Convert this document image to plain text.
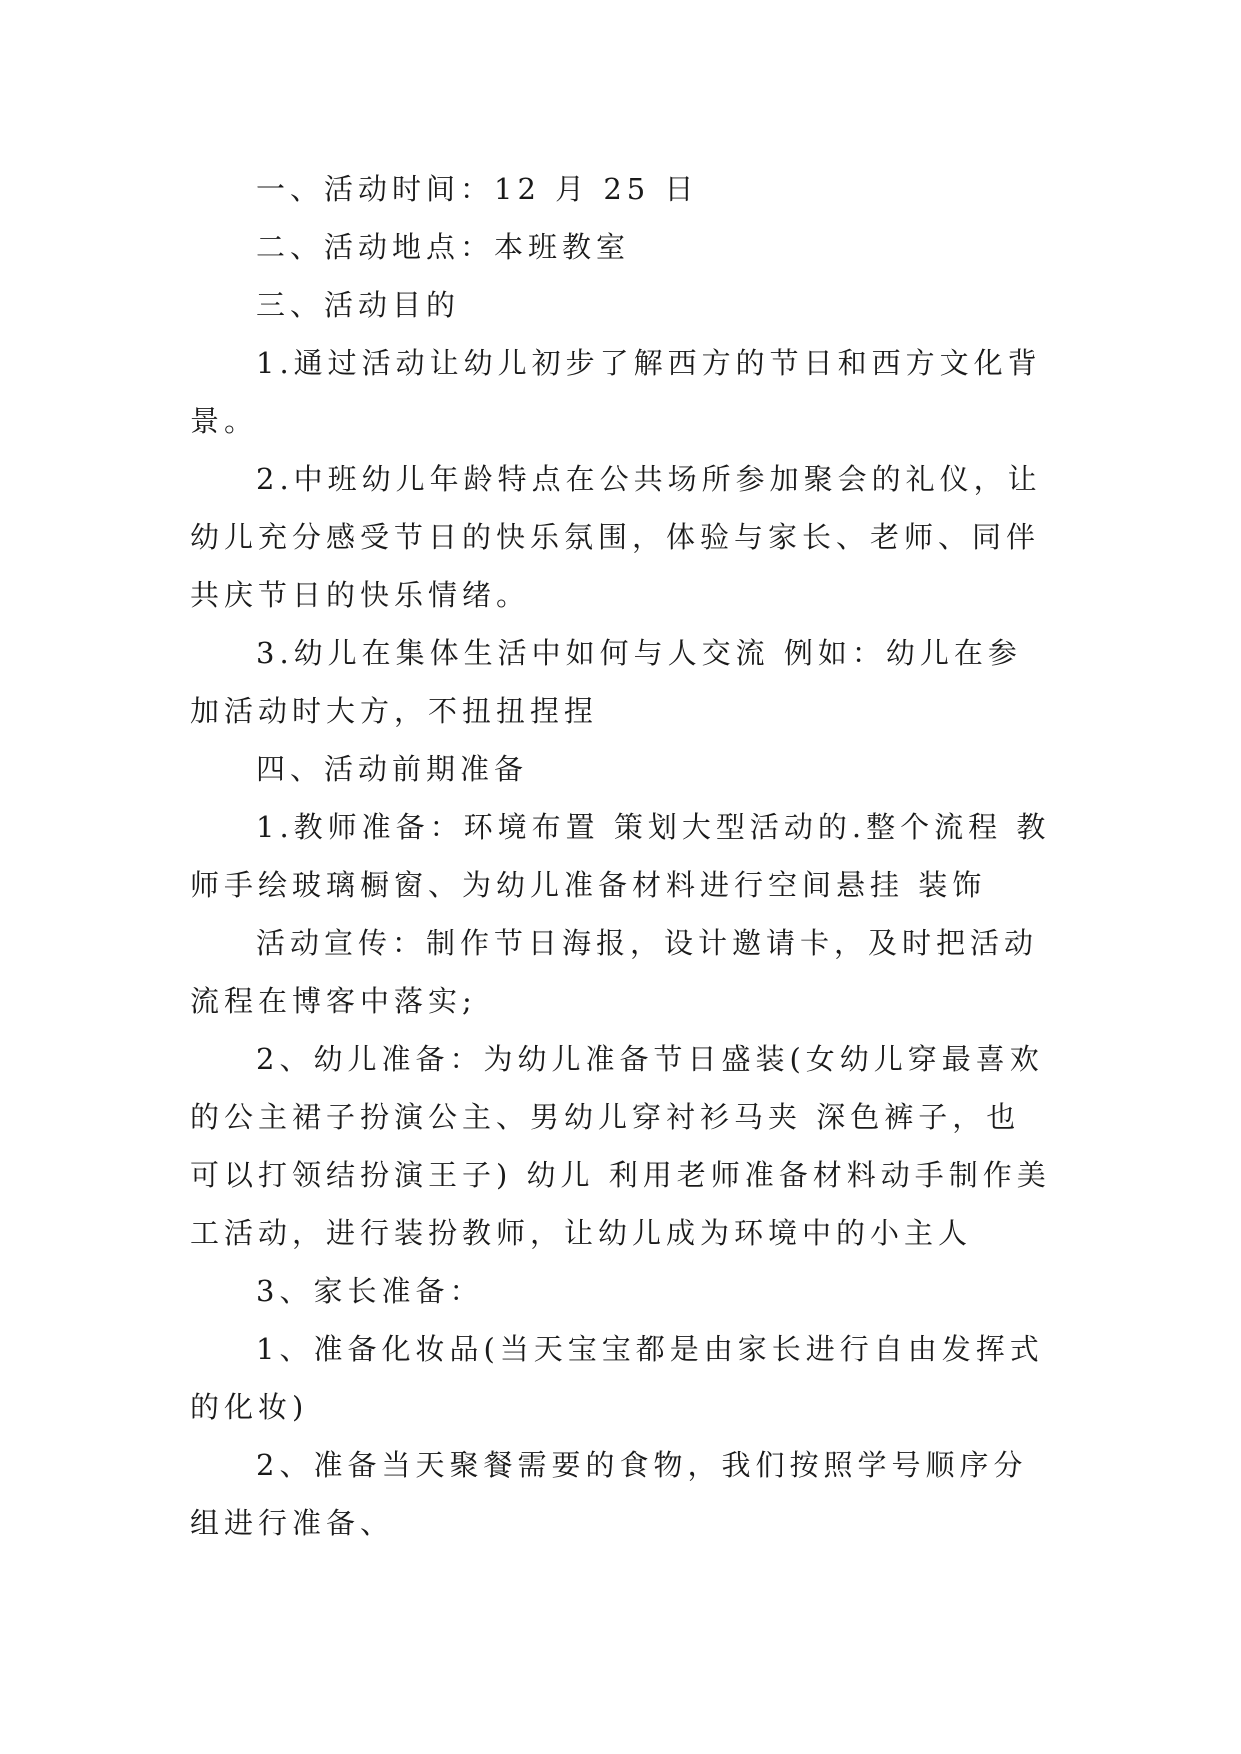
一、活动时间：12 月 25 日

二、活动地点：本班教室

三、活动目的

1.通过活动让幼儿初步了解西方的节日和西方文化背景。

2.中班幼儿年龄特点在公共场所参加聚会的礼仪，让幼儿充分感受节日的快乐氛围，体验与家长、老师、同伴共庆节日的快乐情绪。

3.幼儿在集体生活中如何与人交流 例如：幼儿在参加活动时大方，不扭扭捏捏

四、活动前期准备

1.教师准备：环境布置 策划大型活动的.整个流程 教师手绘玻璃橱窗、为幼儿准备材料进行空间悬挂 装饰

活动宣传：制作节日海报，设计邀请卡，及时把活动流程在博客中落实;

2、幼儿准备：为幼儿准备节日盛装(女幼儿穿最喜欢的公主裙子扮演公主、男幼儿穿衬衫马夹 深色裤子，也可以打领结扮演王子) 幼儿 利用老师准备材料动手制作美工活动，进行装扮教师，让幼儿成为环境中的小主人

3、家长准备：

1、准备化妆品(当天宝宝都是由家长进行自由发挥式的化妆)

2、准备当天聚餐需要的食物，我们按照学号顺序分组进行准备、
